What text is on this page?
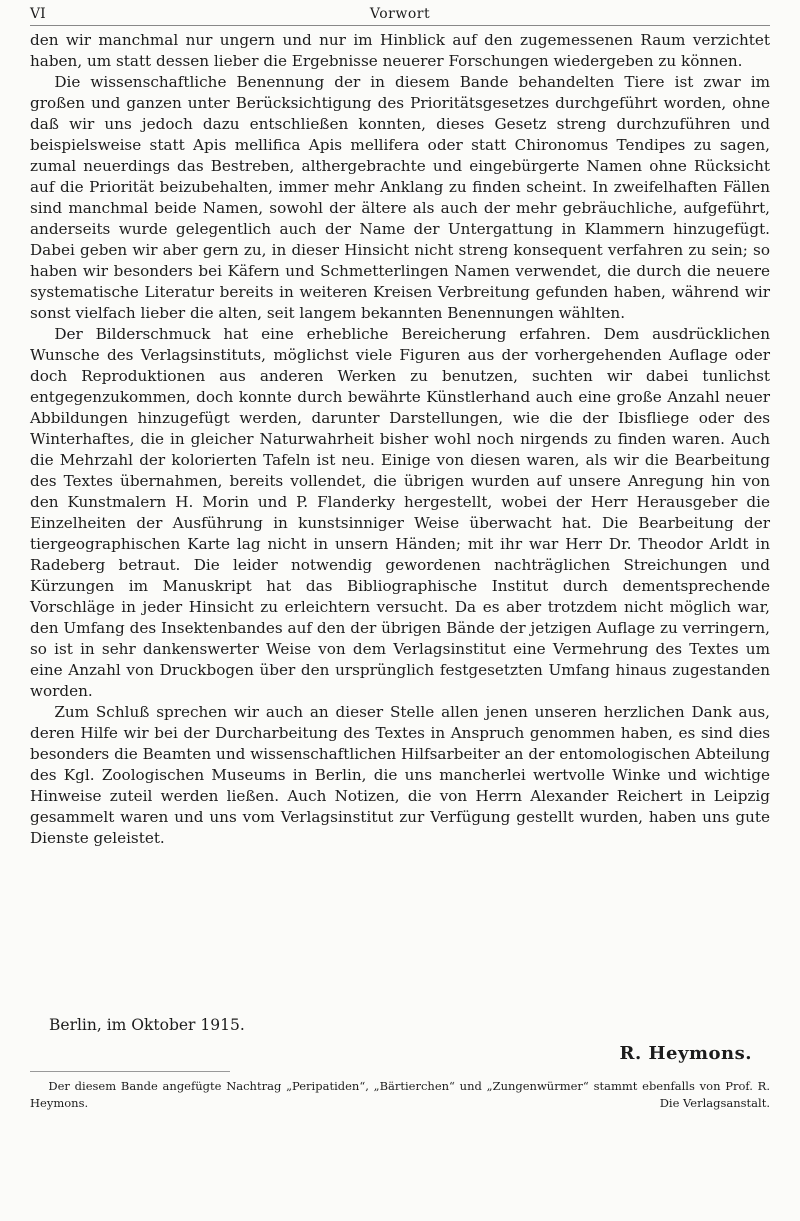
VI	Vorwort

den wir manchmal nur ungern und nur im Hinblick auf den zugemessenen Raum verzichtet haben, um statt dessen lieber die Ergebnisse neuerer Forschungen wiedergeben zu können.

Die wissenschaftliche Benennung der in diesem Bande behandelten Tiere ist zwar im großen und ganzen unter Berücksichtigung des Prioritätsgesetzes durchgeführt worden, ohne daß wir uns jedoch dazu entschließen konnten, dieses Gesetz streng durchzuführen und beispielsweise statt Apis mellifica Apis mellifera oder statt Chironomus Tendipes zu sagen, zumal neuerdings das Bestreben, althergebrachte und eingebürgerte Namen ohne Rücksicht auf die Priorität beizubehalten, immer mehr Anklang zu finden scheint. In zweifelhaften Fällen sind manchmal beide Namen, sowohl der ältere als auch der mehr gebräuchliche, aufgeführt, anderseits wurde gelegentlich auch der Name der Untergattung in Klammern hinzugefügt. Dabei geben wir aber gern zu, in dieser Hinsicht nicht streng konsequent verfahren zu sein; so haben wir besonders bei Käfern und Schmetterlingen Namen verwendet, die durch die neuere systematische Literatur bereits in weiteren Kreisen Verbreitung gefunden haben, während wir sonst vielfach lieber die alten, seit langem bekannten Benennungen wählten.

Der Bilderschmuck hat eine erhebliche Bereicherung erfahren. Dem ausdrücklichen Wunsche des Verlagsinstituts, möglichst viele Figuren aus der vorhergehenden Auflage oder doch Reproduktionen aus anderen Werken zu benutzen, suchten wir dabei tunlichst entgegenzukommen, doch konnte durch bewährte Künstlerhand auch eine große Anzahl neuer Abbildungen hinzugefügt werden, darunter Darstellungen, wie die der Ibisfliege oder des Winterhaftes, die in gleicher Naturwahrheit bisher wohl noch nirgends zu finden waren. Auch die Mehrzahl der kolorierten Tafeln ist neu. Einige von diesen waren, als wir die Bearbeitung des Textes übernahmen, bereits vollendet, die übrigen wurden auf unsere Anregung hin von den Kunstmalern H. Morin und P. Flanderky hergestellt, wobei der Herr Herausgeber die Einzelheiten der Ausführung in kunstsinniger Weise überwacht hat. Die Bearbeitung der tiergeographischen Karte lag nicht in unsern Händen; mit ihr war Herr Dr. Theodor Arldt in Radeberg betraut. Die leider notwendig gewordenen nachträglichen Streichungen und Kürzungen im Manuskript hat das Bibliographische Institut durch dementsprechende Vorschläge in jeder Hinsicht zu erleichtern versucht. Da es aber trotzdem nicht möglich war, den Umfang des Insektenbandes auf den der übrigen Bände der jetzigen Auflage zu verringern, so ist in sehr dankenswerter Weise von dem Verlagsinstitut eine Vermehrung des Textes um eine Anzahl von Druckbogen über den ursprünglich festgesetzten Umfang hinaus zugestanden worden.

Zum Schluß sprechen wir auch an dieser Stelle allen jenen unseren herzlichen Dank aus, deren Hilfe wir bei der Durcharbeitung des Textes in Anspruch genommen haben, es sind dies besonders die Beamten und wissenschaftlichen Hilfsarbeiter an der entomologischen Abteilung des Kgl. Zoologischen Museums in Berlin, die uns mancherlei wertvolle Winke und wichtige Hinweise zuteil werden ließen. Auch Notizen, die von Herrn Alexander Reichert in Leipzig gesammelt waren und uns vom Verlagsinstitut zur Verfügung gestellt wurden, haben uns gute Dienste geleistet.

Berlin, im Oktober 1915.
R. Heymons.

Der diesem Bande angefügte Nachtrag „Peripatiden“, „Bärtierchen“ und „Zungenwürmer“ stammt ebenfalls von Prof. R. Heymons.	Die Verlagsanstalt.
